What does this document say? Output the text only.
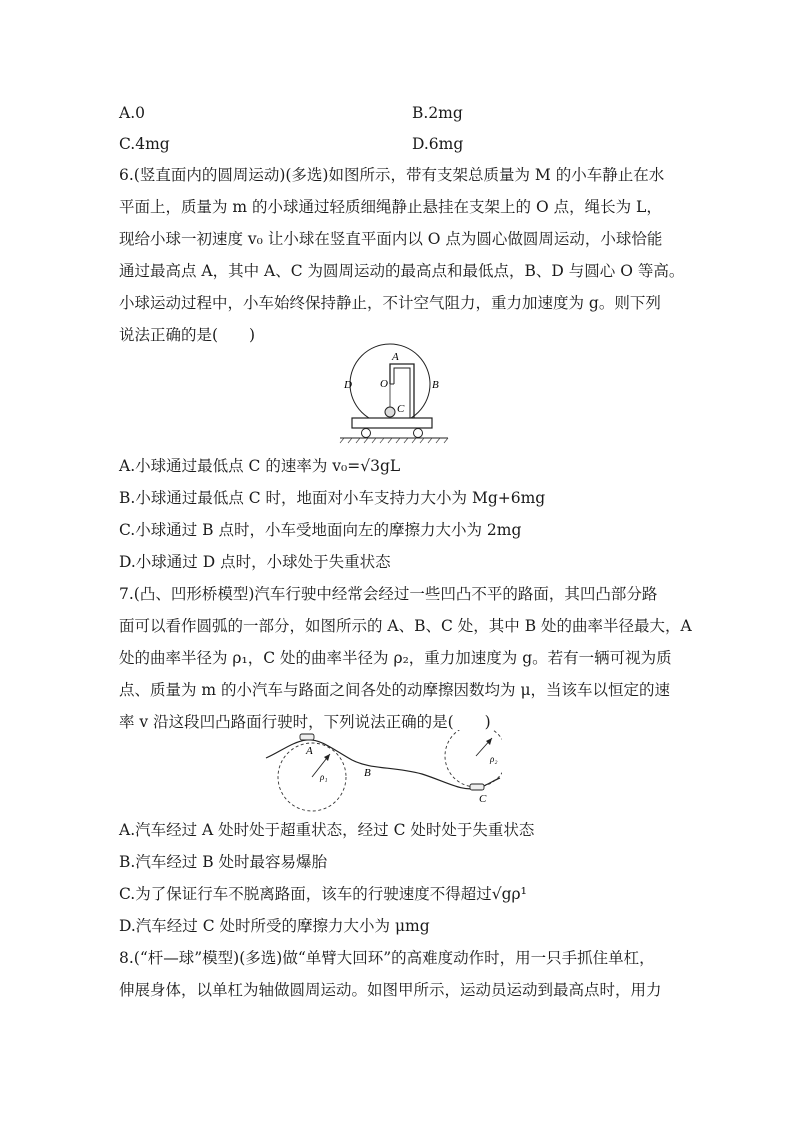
A.0	B.2mg
C.4mg	D.6mg
6.(竖直面内的圆周运动)(多选)如图所示，带有支架总质量为 M 的小车静止在水
平面上，质量为 m 的小球通过轻质细绳静止悬挂在支架上的 O 点，绳长为 L，
现给小球一初速度 v₀ 让小球在竖直平面内以 O 点为圆心做圆周运动，小球恰能
通过最高点 A，其中 A、C 为圆周运动的最高点和最低点，B、D 与圆心 O 等高。
小球运动过程中，小车始终保持静止，不计空气阻力，重力加速度为 g。则下列
说法正确的是(　　)
A
O
D	B
C
A.小球通过最低点 C 的速率为 v₀=√3gL
B.小球通过最低点 C 时，地面对小车支持力大小为 Mg+6mg
C.小球通过 B 点时，小车受地面向左的摩擦力大小为 2mg
D.小球通过 D 点时，小球处于失重状态
7.(凸、凹形桥模型)汽车行驶中经常会经过一些凹凸不平的路面，其凹凸部分路
面可以看作圆弧的一部分，如图所示的 A、B、C 处，其中 B 处的曲率半径最大，A
处的曲率半径为 ρ₁，C 处的曲率半径为 ρ₂，重力加速度为 g。若有一辆可视为质
点、质量为 m 的小汽车与路面之间各处的动摩擦因数均为 μ，当该车以恒定的速
率 v 沿这段凹凸路面行驶时，下列说法正确的是(　　)
A
B
C
ρ₁
ρ₂
A.汽车经过 A 处时处于超重状态，经过 C 处时处于失重状态
B.汽车经过 B 处时最容易爆胎
C.为了保证行车不脱离路面，该车的行驶速度不得超过√gρ¹
D.汽车经过 C 处时所受的摩擦力大小为 μmg
8.(“杆—球”模型)(多选)做“单臂大回环”的高难度动作时，用一只手抓住单杠，
伸展身体，以单杠为轴做圆周运动。如图甲所示，运动员运动到最高点时，用力
